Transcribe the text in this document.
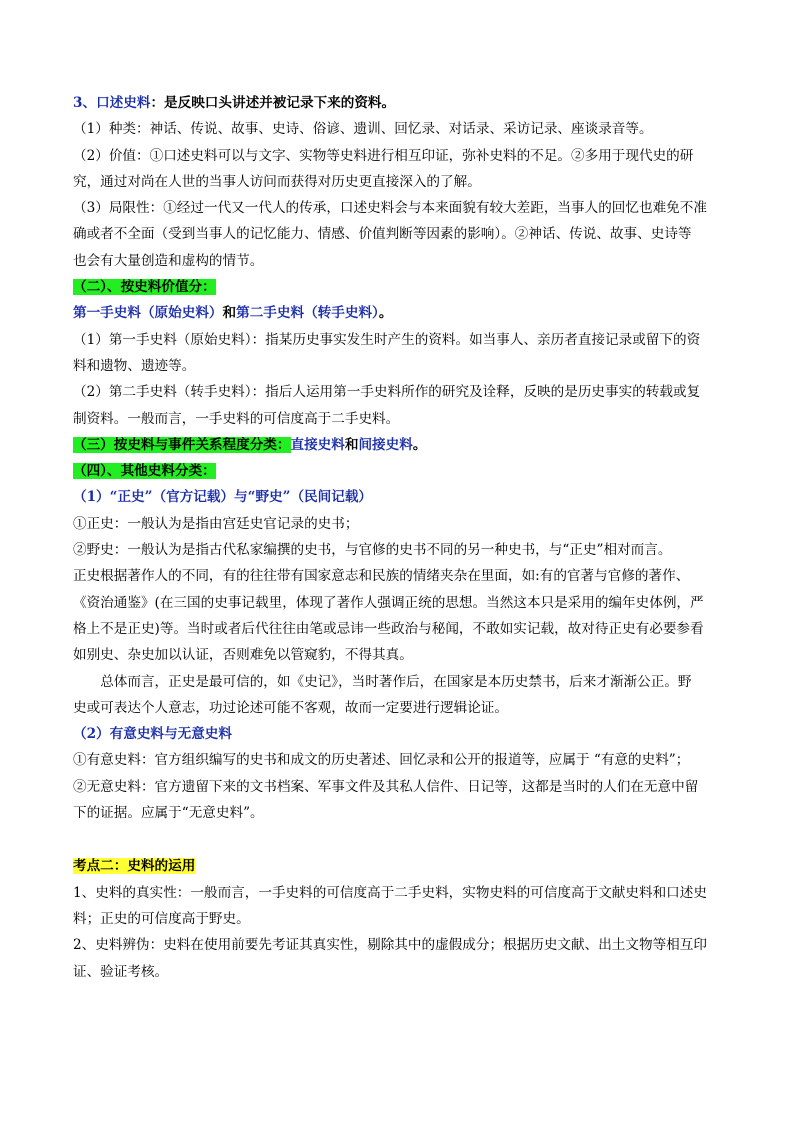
3、口述史料：是反映口头讲述并被记录下来的资料。

（1）种类：神话、传说、故事、史诗、俗谚、遗训、回忆录、对话录、采访记录、座谈录音等。

（2）价值：①口述史料可以与文字、实物等史料进行相互印证，弥补史料的不足。②多用于现代史的研

究，通过对尚在人世的当事人访问而获得对历史更直接深入的了解。

（3）局限性：①经过一代又一代人的传承，口述史料会与本来面貌有较大差距，当事人的回忆也难免不准

确或者不全面（受到当事人的记忆能力、情感、价值判断等因素的影响）。②神话、传说、故事、史诗等

也会有大量创造和虚构的情节。

（二）、按史料价值分：

第一手史料（原始史料）和第二手史料（转手史料）。

（1）第一手史料（原始史料）：指某历史事实发生时产生的资料。如当事人、亲历者直接记录或留下的资

料和遗物、遗迹等。

（2）第二手史料（转手史料）：指后人运用第一手史料所作的研究及诠释，反映的是历史事实的转载或复

制资料。一般而言，一手史料的可信度高于二手史料。

（三）按史料与事件关系程度分类：直接史料和间接史料。

（四）、其他史料分类：

（1）“正史”（官方记载）与“野史”（民间记载）

①正史：一般认为是指由宫廷史官记录的史书；

②野史：一般认为是指古代私家编撰的史书，与官修的史书不同的另一种史书，与“正史”相对而言。

正史根据著作人的不同，有的往往带有国家意志和民族的情绪夹杂在里面，如:有的官著与官修的著作、

《资治通鉴》(在三国的史事记载里，体现了著作人强调正统的思想。当然这本只是采用的编年史体例，严

格上不是正史)等。当时或者后代往往由笔或忌讳一些政治与秘闻，不敢如实记载，故对待正史有必要参看

如别史、杂史加以认证，否则难免以管窥豹，不得其真。

总体而言，正史是最可信的，如《史记》，当时著作后，在国家是本历史禁书，后来才渐渐公正。野

史或可表达个人意志，功过论述可能不客观，故而一定要进行逻辑论证。

（2）有意史料与无意史料

①有意史料：官方组织编写的史书和成文的历史著述、回忆录和公开的报道等，应属于 “有意的史料”；

②无意史料：官方遗留下来的文书档案、军事文件及其私人信件、日记等，这都是当时的人们在无意中留

下的证据。应属于“无意史料”。

考点二：史料的运用

1、史料的真实性：一般而言，一手史料的可信度高于二手史料，实物史料的可信度高于文献史料和口述史

料；正史的可信度高于野史。

2、史料辨伪：史料在使用前要先考证其真实性，剔除其中的虚假成分；根据历史文献、出土文物等相互印

证、验证考核。
